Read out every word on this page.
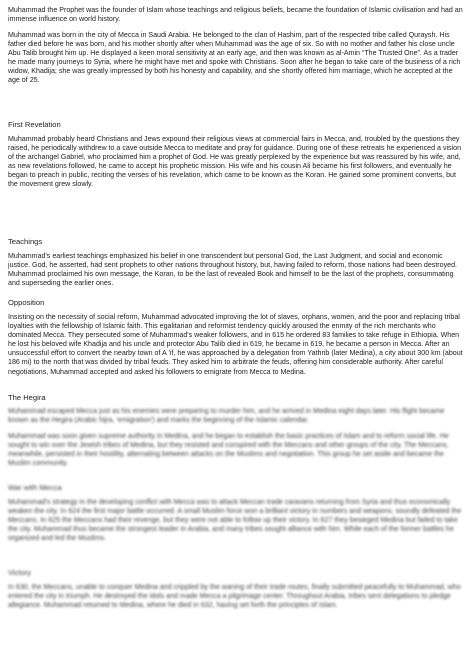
Muhammad the Prophet was the founder of Islam whose teachings and religious beliefs, became the foundation of Islamic civilisation and had an immense influence on world history.

Muhammad was born in the city of Mecca in Saudi Arabia. He belonged to the clan of Hashim, part of the respected tribe called Quraysh. His father died before he was born, and his mother shortly after when Muhammad was the age of six. So with no mother and father his close uncle Abu Talib brought him up. He displayed a keen moral sensitivity at an early age, and then was known as al-Amin “The Trusted One”. As a trader he made many journeys to Syria, where he might have met and spoke with Christians. Soon after he began to take care of the business of a rich widow, Khadija; she was greatly impressed by both his honesty and capability, and she shortly offered him marriage, which he accepted at the age of 25.

First Revelation

Muhammad probably heard Christians and Jews expound their religious views at commercial fairs in Mecca, and, troubled by the questions they raised, he periodically withdrew to a cave outside Mecca to meditate and pray for guidance. During one of these retreats he experienced a vision of the archangel Gabriel, who proclaimed him a prophet of God. He was greatly perplexed by the experience but was reassured by his wife, and, as new revelations followed, he came to accept his prophetic mission. His wife and his cousin Ali became his first followers, and eventually he began to preach in public, reciting the verses of his revelation, which came to be known as the Koran. He gained some prominent converts, but the movement grew slowly.

Teachings

Muhammad's earliest teachings emphasized his belief in one transcendent but personal God, the Last Judgment, and social and economic justice. God, he asserted, had sent prophets to other nations throughout history, but, having failed to reform, those nations had been destroyed. Muhammad proclaimed his own message, the Koran, to be the last of revealed Book and himself to be the last of the prophets, consummating and superseding the earlier ones.

Opposition

Insisting on the necessity of social reform, Muhammad advocated improving the lot of slaves, orphans, women, and the poor and replacing tribal loyalties with the fellowship of Islamic faith. This egalitarian and reformist tendency quickly aroused the enmity of the rich merchants who dominated Mecca. They persecuted some of Muhammad's weaker followers, and in 615 he ordered 83 families to take refuge in Ethiopia. When he lost his beloved wife Khadija and his uncle and protector Abu Talib died in 619, he became in 619, he became a person in Mecca. After an unsuccessful effort to convert the nearby town of A ’if, he was approached by a delegation from Yathrib (later Medina), a city about 300 km (about 186 mi) to the north that was divided by tribal feuds. They asked him to arbitrate the feuds, offering him considerable authority. After careful negotiations, Muhammad accepted and asked his followers to emigrate from Mecca to Medina.

The Hegira

Muhammad escaped Mecca just as his enemies were preparing to murder him, and he arrived in Medina eight days later. His flight became known as the Hegira (Arabic hijra, 'emigration') and marks the beginning of the Islamic calendar.

Muhammad was soon given supreme authority in Medina, and he began to establish the basic practices of Islam and to reform social life. He sought to win over the Jewish tribes of Medina, but they resisted and conspired with the Meccans and other groups of the city. The Meccans, meanwhile, persisted in their hostility, alternating between attacks on the Muslims and negotiation. This group he set aside and became the Muslim community.

War with Mecca

Muhammad's strategy in the developing conflict with Mecca was to attack Meccan trade caravans returning from Syria and thus economically weaken the city. In 624 the first major battle occurred. A small Muslim force won a brilliant victory in numbers and weapons, soundly defeated the Meccans. In 625 the Meccans had their revenge, but they were not able to follow up their victory. In 627 they besieged Medina but failed to take the city. Muhammad thus became the strongest leader in Arabia, and many tribes sought alliance with him. While each of the former battles he organized and led the Muslims.

Victory

In 630, the Meccans, unable to conquer Medina and crippled by the waning of their trade routes, finally submitted peacefully to Muhammad, who entered the city in triumph. He destroyed the idols and made Mecca a pilgrimage center. Throughout Arabia, tribes sent delegations to pledge allegiance. Muhammad returned to Medina, where he died in 632, having set forth the principles of Islam.
